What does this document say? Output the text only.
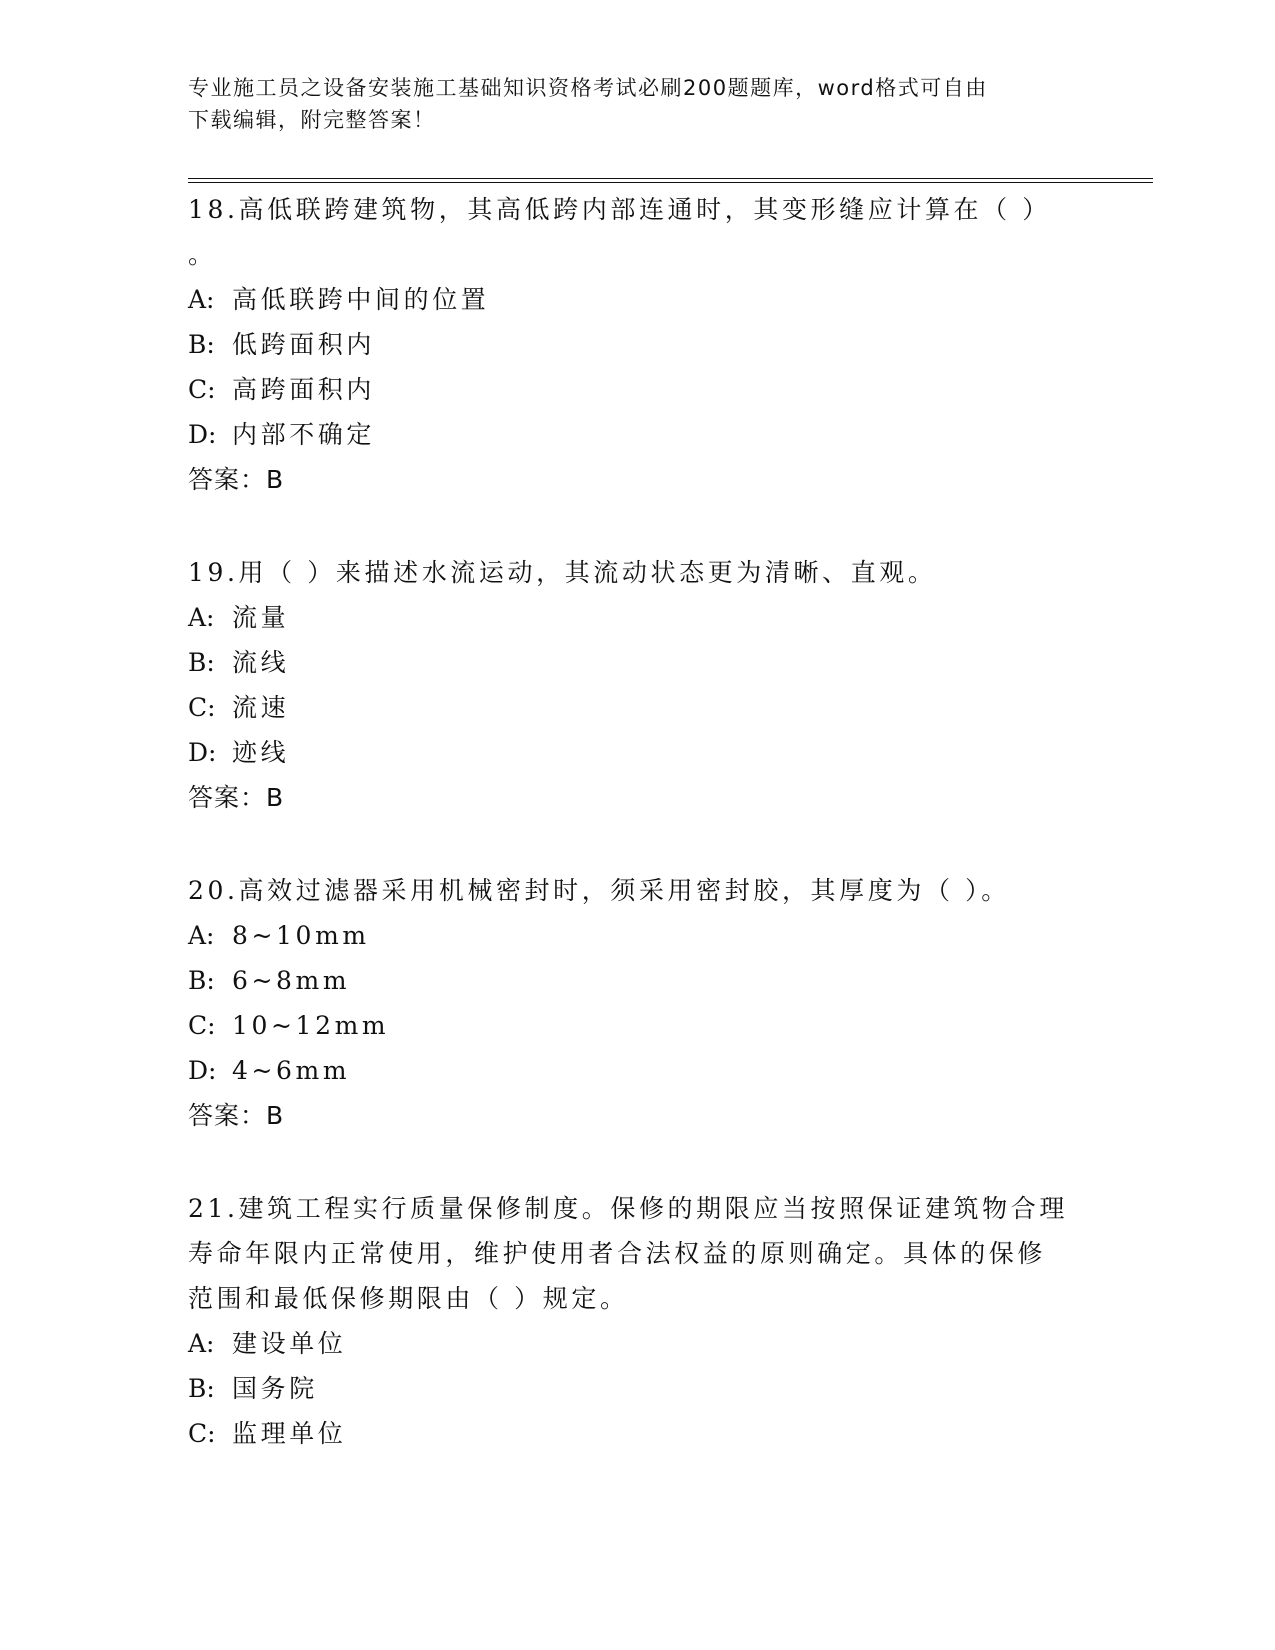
专业施工员之设备安装施工基础知识资格考试必刷200题题库，word格式可自由
下载编辑，附完整答案！
18.高低联跨建筑物，其高低跨内部连通时，其变形缝应计算在（ ）
。
A: 高低联跨中间的位置
B: 低跨面积内
C: 高跨面积内
D: 内部不确定
答案：B
19.用（ ）来描述水流运动，其流动状态更为清晰、直观。
A: 流量
B: 流线
C: 流速
D: 迹线
答案：B
20.高效过滤器采用机械密封时，须采用密封胶，其厚度为（ ）。
A: 8~10mm
B: 6~8mm
C: 10~12mm
D: 4~6mm
答案：B
21.建筑工程实行质量保修制度。保修的期限应当按照保证建筑物合理
寿命年限内正常使用，维护使用者合法权益的原则确定。具体的保修
范围和最低保修期限由（ ）规定。
A: 建设单位
B: 国务院
C: 监理单位
